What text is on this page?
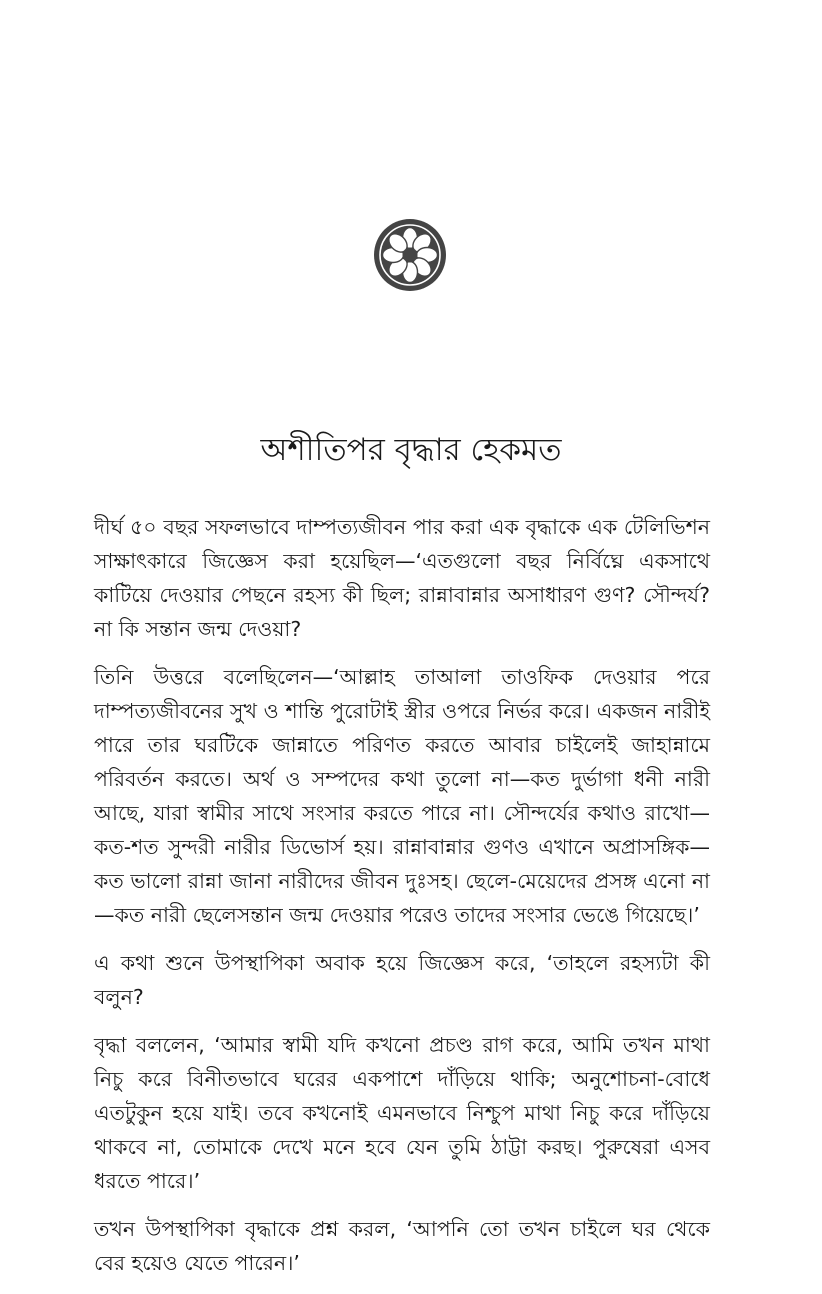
অশীতিপর বৃদ্ধার হেকমত

দীর্ঘ ৫০ বছর সফলভাবে দাম্পত্যজীবন পার করা এক বৃদ্ধাকে এক টেলিভিশন সাক্ষাৎকারে জিজ্ঞেস করা হয়েছিল—‘এতগুলো বছর নির্বিঘ্নে একসাথে কাটিয়ে দেওয়ার পেছনে রহস্য কী ছিল; রান্নাবান্নার অসাধারণ গুণ? সৌন্দর্য? না কি সন্তান জন্ম দেওয়া?

তিনি উত্তরে বলেছিলেন—‘আল্লাহ তাআলা তাওফিক দেওয়ার পরে দাম্পত্যজীবনের সুখ ও শান্তি পুরোটাই স্ত্রীর ওপরে নির্ভর করে। একজন নারীই পারে তার ঘরটিকে জান্নাতে পরিণত করতে আবার চাইলেই জাহান্নামে পরিবর্তন করতে। অর্থ ও সম্পদের কথা তুলো না—কত দুর্ভাগা ধনী নারী আছে, যারা স্বামীর সাথে সংসার করতে পারে না। সৌন্দর্যের কথাও রাখো—কত-শত সুন্দরী নারীর ডিভোর্স হয়। রান্নাবান্নার গুণও এখানে অপ্রাসঙ্গিক—কত ভালো রান্না জানা নারীদের জীবন দুঃসহ। ছেলে-মেয়েদের প্রসঙ্গ এনো না—কত নারী ছেলেসন্তান জন্ম দেওয়ার পরেও তাদের সংসার ভেঙে গিয়েছে।’

এ কথা শুনে উপস্থাপিকা অবাক হয়ে জিজ্ঞেস করে, ‘তাহলে রহস্যটা কী বলুন?

বৃদ্ধা বললেন, ‘আমার স্বামী যদি কখনো প্রচণ্ড রাগ করে, আমি তখন মাথা নিচু করে বিনীতভাবে ঘরের একপাশে দাঁড়িয়ে থাকি; অনুশোচনা-বোধে এতটুকুন হয়ে যাই। তবে কখনোই এমনভাবে নিশ্চুপ মাথা নিচু করে দাঁড়িয়ে থাকবে না, তোমাকে দেখে মনে হবে যেন তুমি ঠাট্টা করছ। পুরুষেরা এসব ধরতে পারে।’

তখন উপস্থাপিকা বৃদ্ধাকে প্রশ্ন করল, ‘আপনি তো তখন চাইলে ঘর থেকে বের হয়েও যেতে পারেন।’
